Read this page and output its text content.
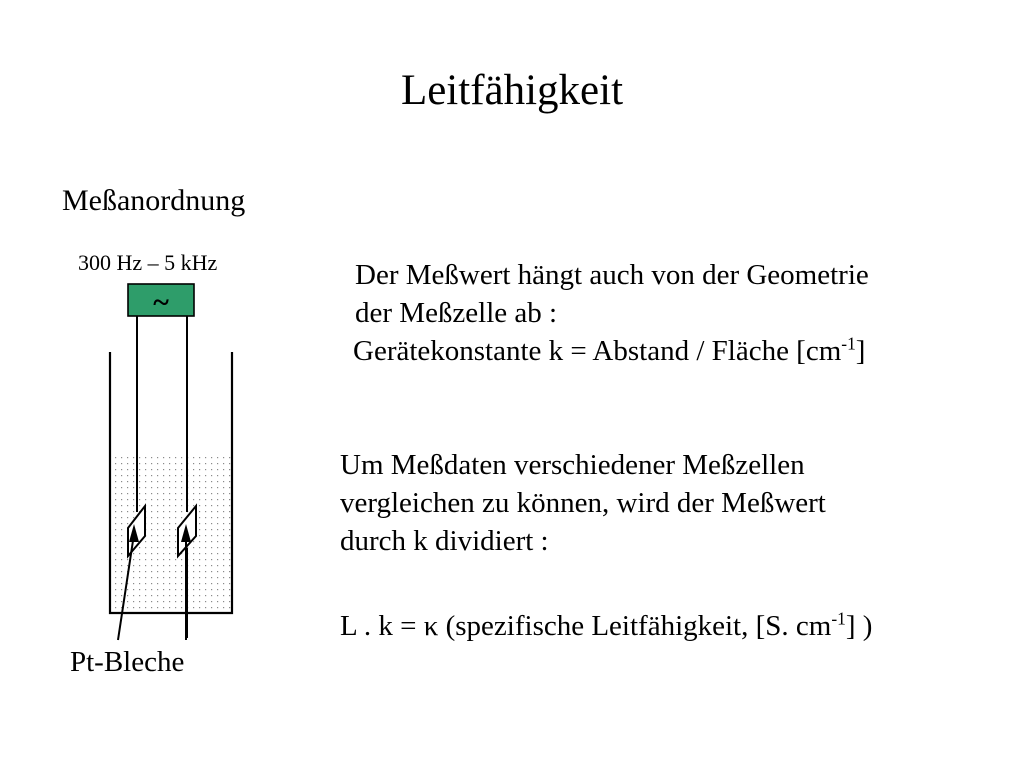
Leitfähigkeit
Meßanordnung
300 Hz – 5 kHz
~
Pt-Bleche
Der Meßwert hängt auch von der Geometrie
der Meßzelle ab :
Gerätekonstante k = Abstand / Fläche $[cm^{-1}]$
Um Meßdaten verschiedener Meßzellen
vergleichen zu können, wird der Meßwert
durch k dividiert :
L . k = κ (spezifische Leitfähigkeit, [S. $cm^{-1}$] )
